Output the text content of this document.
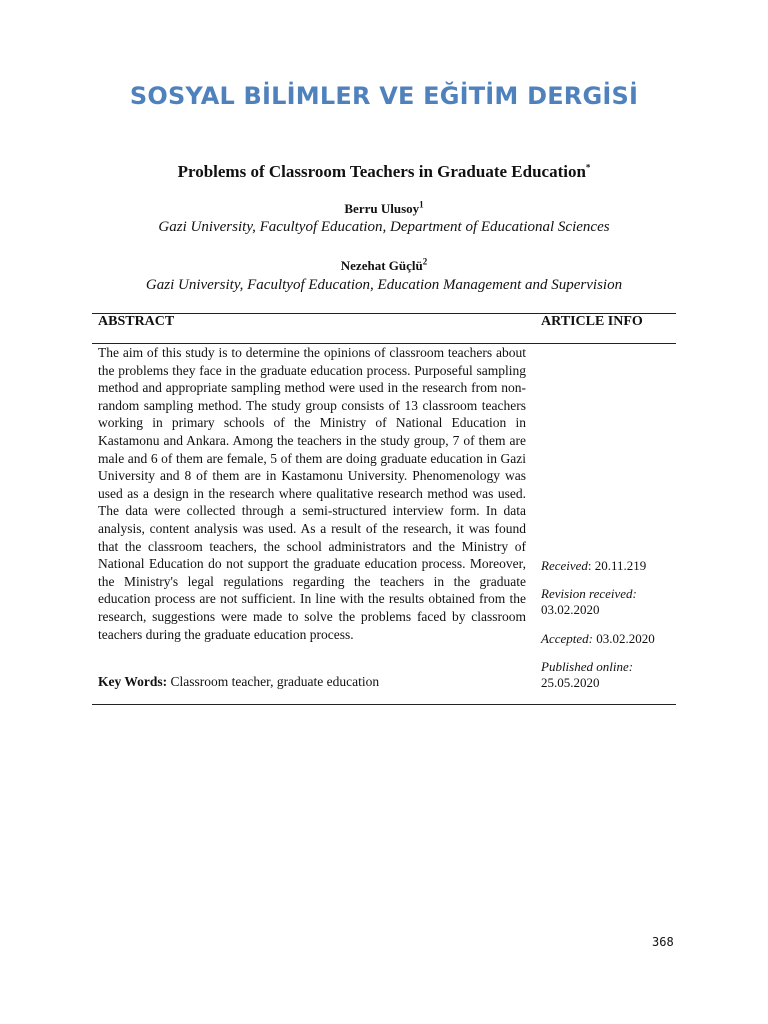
SOSYAL BİLİMLER VE EĞİTİM DERGİSİ
Problems of Classroom Teachers in Graduate Education*
Berru Ulusoy$^1$
Gazi University, Facultyof Education, Department of Educational Sciences
Nezehat Güçlü$^2$
Gazi University, Facultyof Education, Education Management and Supervision
ABSTRACT	ARTICLE INFO

The aim of this study is to determine the opinions of classroom teachers about the problems they face in the graduate education process. Purposeful sampling method and appropriate sampling method were used in the research from non-random sampling method. The study group consists of 13 classroom teachers working in primary schools of the Ministry of National Education in Kastamonu and Ankara. Among the teachers in the study group, 7 of them are male and 6 of them are female, 5 of them are doing graduate education in Gazi University and 8 of them are in Kastamonu University. Phenomenology was used as a design in the research where qualitative research method was used. The data were collected through a semi-structured interview form. In data analysis, content analysis was used. As a result of the research, it was found that the classroom teachers, the school administrators and the Ministry of National Education do not support the graduate education process. Moreover, the Ministry's legal regulations regarding the teachers in the graduate education process are not sufficient. In line with the results obtained from the research, suggestions were made to solve the problems faced by classroom teachers during the graduate education process.

Key Words: Classroom teacher, graduate education
Received: 20.11.219
Revision received:
03.02.2020
Accepted: 03.02.2020
Published online:
25.05.2020
368
